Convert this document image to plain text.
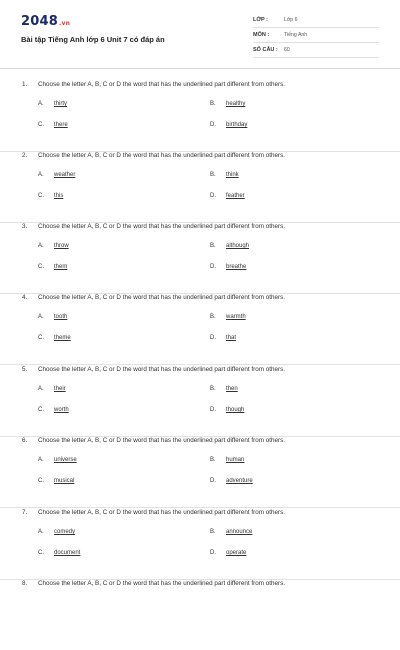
2048.vn
Bài tập Tiếng Anh lớp 6 Unit 7 có đáp án
LỚP :	Lớp 6
MÔN :	Tiếng Anh
SỐ CÂU : 60
1. Choose the letter A, B, C or D the word that has the underlined part different from others.
A. thirty	B. healthy
C. there	D. birthday
2. Choose the letter A, B, C or D the word that has the underlined part different from others.
A. weather	B. think
C. this	D. feather
3. Choose the letter A, B, C or D the word that has the underlined part different from others.
A. throw	B. although
C. them	D. breathe
4. Choose the letter A, B, C or D the word that has the underlined part different from others.
A. tooth	B. warmth
C. theme	D. that
5. Choose the letter A, B, C or D the word that has the underlined part different from others.
A. their	B. then
C. worth	D. though
6. Choose the letter A, B, C or D the word that has the underlined part different from others.
A. universe	B. human
C. musical	D. adventure
7. Choose the letter A, B, C or D the word that has the underlined part different from others.
A. comedy	B. announce
C. document	D. operate
8. Choose the letter A, B, C or D the word that has the underlined part different from others.
